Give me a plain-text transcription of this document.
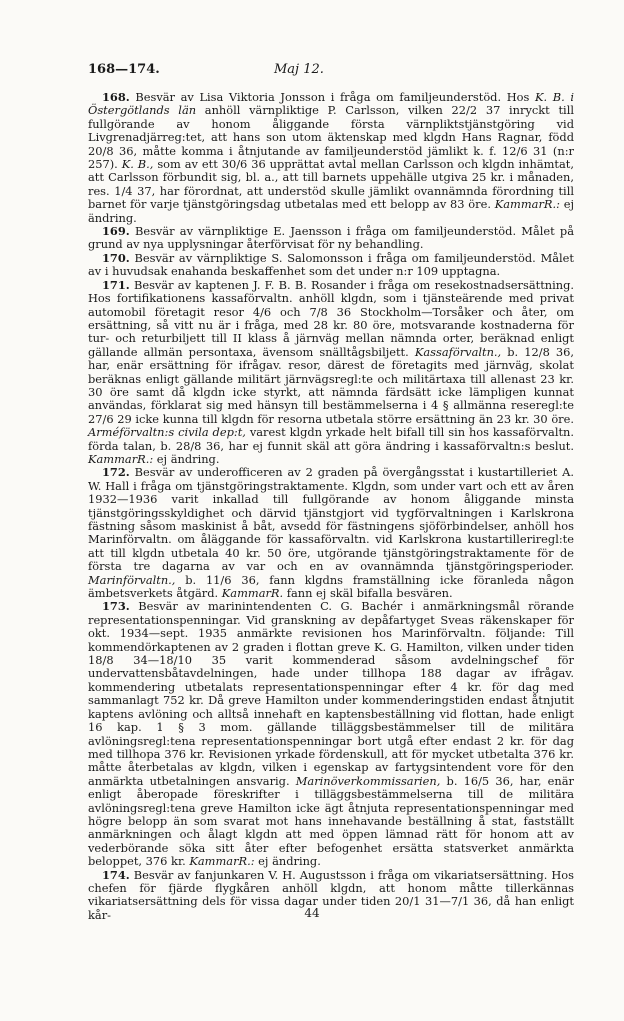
168—174.	Maj 12.

168. Besvär av Lisa Viktoria Jonsson i fråga om familjeunderstöd. Hos K. B. i Östergötlands län anhöll värnpliktige P. Carlsson, vilken 22/2 37 inryckt till fullgörande av honom åliggande första värnpliktstjänstgöring vid Livgrenadjärreg:tet, att hans son utom äktenskap med klgdn Hans Ragnar, född 20/8 36, måtte komma i åtnjutande av familjeunderstöd jämlikt k. f. 12/6 31 (n:r 257). K. B., som av ett 30/6 36 upprättat avtal mellan Carlsson och klgdn inhämtat, att Carlsson förbundit sig, bl. a., att till barnets uppehälle utgiva 25 kr. i månaden, res. 1/4 37, har förordnat, att understöd skulle jämlikt ovannämnda förordning till barnet för varje tjänstgöringsdag utbetalas med ett belopp av 83 öre. KammarR.: ej ändring.

169. Besvär av värnpliktige E. Jaensson i fråga om familjeunderstöd. Målet på grund av nya upplysningar återförvisat för ny behandling.

170. Besvär av värnpliktige S. Salomonsson i fråga om familjeunderstöd. Målet av i huvudsak enahanda beskaffenhet som det under n:r 109 upptagna.

171. Besvär av kaptenen J. F. B. B. Rosander i fråga om resekostnadsersättning. Hos fortifikationens kassaförvaltn. anhöll klgdn, som i tjänsteärende med privat automobil företagit resor 4/6 och 7/8 36 Stockholm—Torsåker och åter, om ersättning, så vitt nu är i fråga, med 28 kr. 80 öre, motsvarande kostnaderna för tur- och returbiljett till II klass å järnväg mellan nämnda orter, beräknad enligt gällande allmän persontaxa, ävensom snälltågsbiljett. Kassaförvaltn., b. 12/8 36, har, enär ersättning för ifrågav. resor, därest de företagits med järnväg, skolat beräknas enligt gällande militärt järnvägsregl:te och militärtaxa till allenast 23 kr. 30 öre samt då klgdn icke styrkt, att nämnda färdsätt icke lämpligen kunnat användas, förklarat sig med hänsyn till bestämmelserna i 4 § allmänna reseregl:te 27/6 29 icke kunna till klgdn för resorna utbetala större ersättning än 23 kr. 30 öre. Arméförvaltn:s civila dep:t, varest klgdn yrkade helt bifall till sin hos kassaförvaltn. förda talan, b. 28/8 36, har ej funnit skäl att göra ändring i kassaförvaltn:s beslut. KammarR.: ej ändring.

172. Besvär av underofficeren av 2 graden på övergångsstat i kustartilleriet A. W. Hall i fråga om tjänstgöringstraktamente. Klgdn, som under vart och ett av åren 1932—1936 varit inkallad till fullgörande av honom åliggande minsta tjänstgöringsskyldighet och därvid tjänstgjort vid tygförvaltningen i Karlskrona fästning såsom maskinist å båt, avsedd för fästningens sjöförbindelser, anhöll hos Marinförvaltn. om åläggande för kassaförvaltn. vid Karlskrona kustartilleriregl:te att till klgdn utbetala 40 kr. 50 öre, utgörande tjänstgöringstraktamente för de första tre dagarna av var och en av ovannämnda tjänstgöringsperioder. Marinförvaltn., b. 11/6 36, fann klgdns framställning icke föranleda någon ämbetsverkets åtgärd. KammarR. fann ej skäl bifalla besvären.

173. Besvär av marinintendenten C. G. Bachér i anmärkningsmål rörande representationspenningar. Vid granskning av depåfartyget Sveas räkenskaper för okt. 1934—sept. 1935 anmärkte revisionen hos Marinförvaltn. följande: Till kommendörkaptenen av 2 graden i flottan greve K. G. Hamilton, vilken under tiden 18/8 34—18/10 35 varit kommenderad såsom avdelningschef för undervattensbåtavdelningen, hade under tillhopa 188 dagar av ifrågav. kommendering utbetalats representationspenningar efter 4 kr. för dag med sammanlagt 752 kr. Då greve Hamilton under kommenderingstiden endast åtnjutit kaptens avlöning och alltså innehaft en kaptensbeställning vid flottan, hade enligt 16 kap. 1 § 3 mom. gällande tilläggsbestämmelser till de militära avlöningsregl:tena representationspenningar bort utgå efter endast 2 kr. för dag med tillhopa 376 kr. Revisionen yrkade fördenskull, att för mycket utbetalta 376 kr. måtte återbetalas av klgdn, vilken i egenskap av fartygsintendent vore för den anmärkta utbetalningen ansvarig. Marinöverkommissarien, b. 16/5 36, har, enär enligt åberopade föreskrifter i tilläggsbestämmelserna till de militära avlöningsregl:tena greve Hamilton icke ägt åtnjuta representationspenningar med högre belopp än som svarat mot hans innehavande beställning å stat, fastställt anmärkningen och ålagt klgdn att med öppen lämnad rätt för honom att av vederbörande söka sitt åter efter befogenhet ersätta statsverket anmärkta beloppet, 376 kr. KammarR.: ej ändring.

174. Besvär av fanjunkaren V. H. Augustsson i fråga om vikariatsersättning. Hos chefen för fjärde flygkåren anhöll klgdn, att honom måtte tillerkännas vikariatsersättning dels för vissa dagar under tiden 20/1 31—7/1 36, då han enligt kår-	44
